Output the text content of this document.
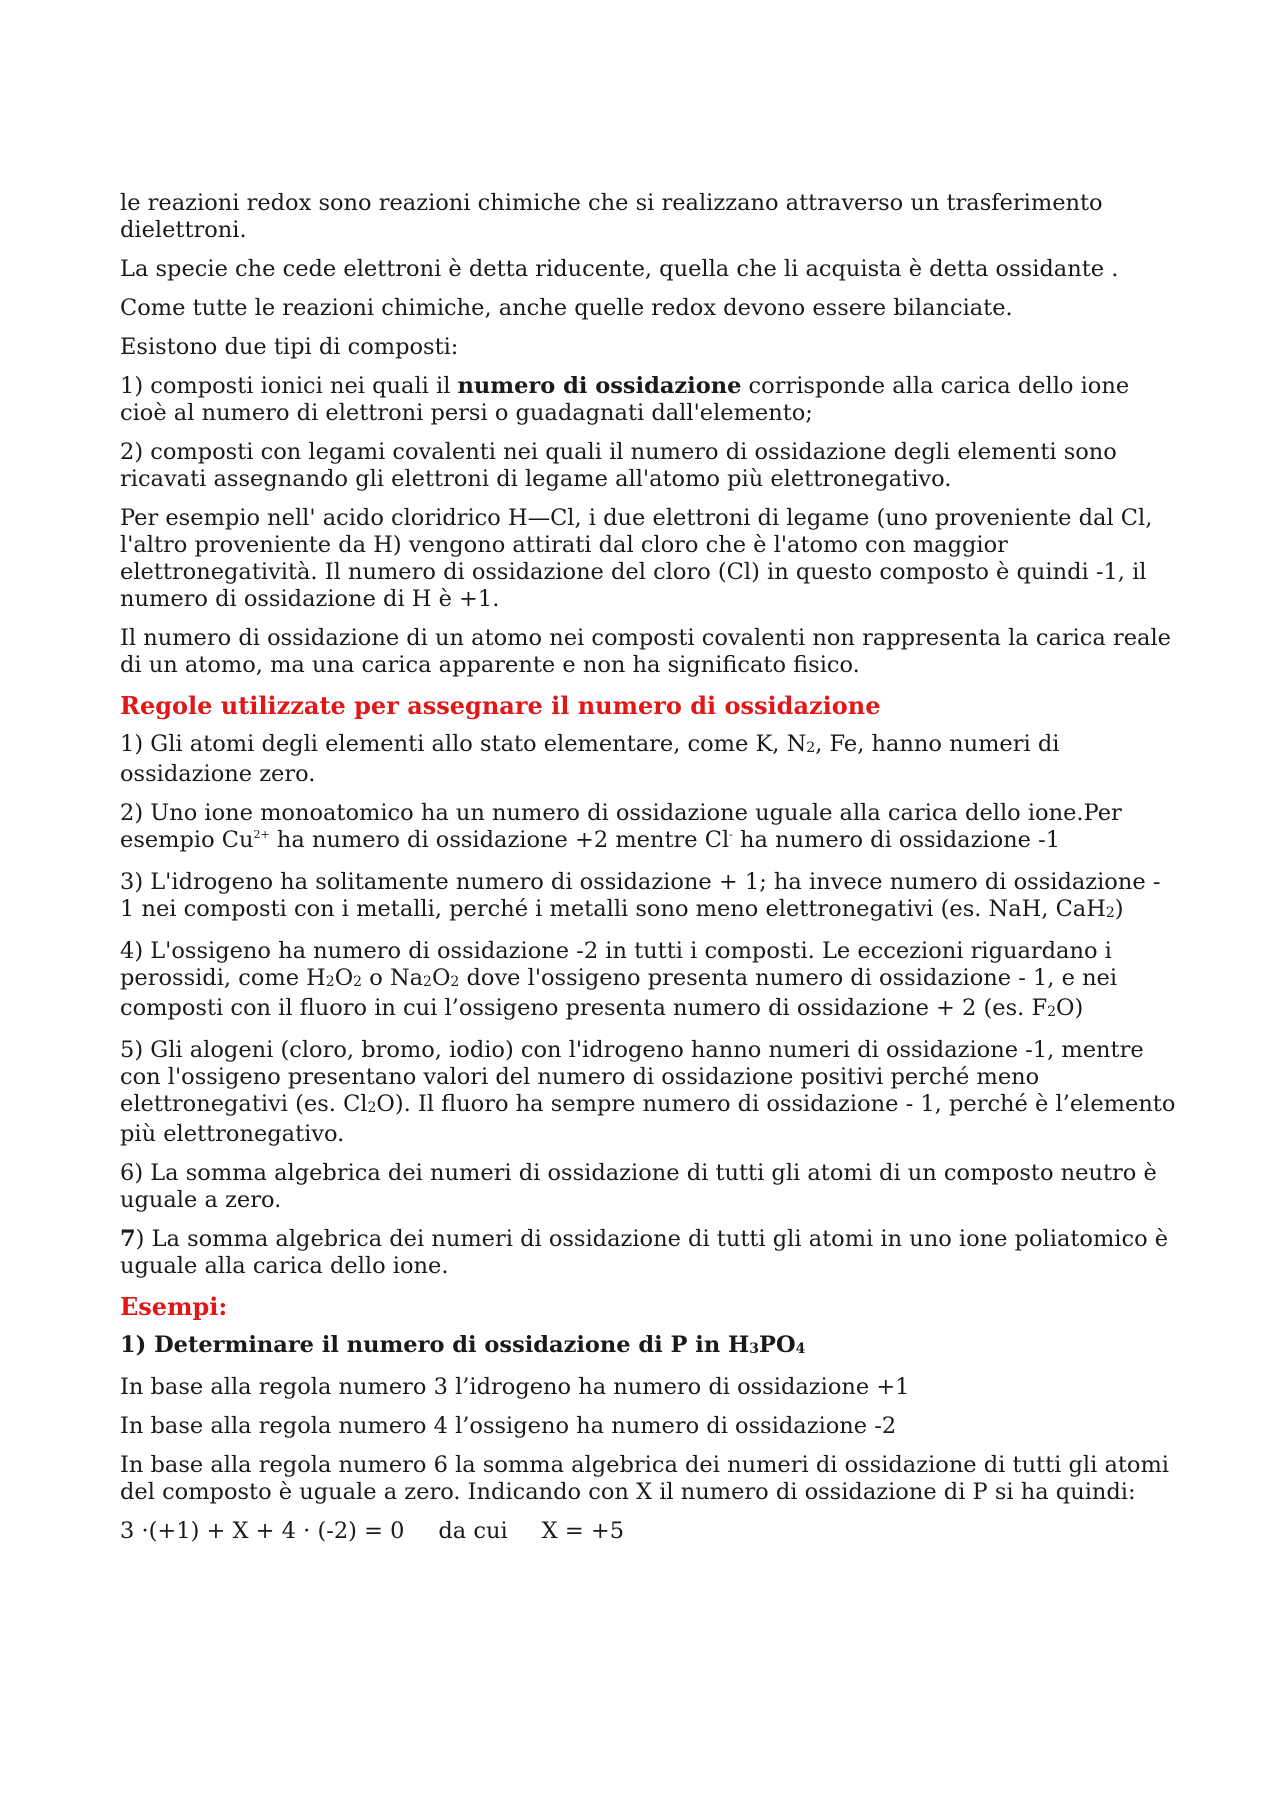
le reazioni redox sono reazioni chimiche che si realizzano attraverso un trasferimento dielettroni.

La specie che cede elettroni è detta riducente, quella che li acquista è detta ossidante .

Come tutte le reazioni chimiche, anche quelle redox devono essere bilanciate.

Esistono due tipi di composti:

1) composti ionici nei quali il numero di ossidazione corrisponde alla carica dello ione cioè al numero di elettroni persi o guadagnati dall'elemento;

2) composti con legami covalenti nei quali il numero di ossidazione degli elementi sono ricavati assegnando gli elettroni di legame all'atomo più elettronegativo.

Per esempio nell' acido cloridrico H—Cl, i due elettroni di legame (uno proveniente dal Cl, l'altro proveniente da H) vengono attirati dal cloro che è l'atomo con maggior elettronegatività. Il numero di ossidazione del cloro (Cl) in questo composto è quindi -1, il numero di ossidazione di H è +1.

Il numero di ossidazione di un atomo nei composti covalenti non rappresenta la carica reale di un atomo, ma una carica apparente e non ha significato fisico.

Regole utilizzate per assegnare il numero di ossidazione

1) Gli atomi degli elementi allo stato elementare, come K, N2, Fe, hanno numeri di ossidazione zero.

2) Uno ione monoatomico ha un numero di ossidazione uguale alla carica dello ione.Per esempio $Cu^{2+}$ ha numero di ossidazione +2 mentre Cl- ha numero di ossidazione -1

3) L'idrogeno ha solitamente numero di ossidazione + 1; ha invece numero di ossidazione - 1 nei composti con i metalli, perché i metalli sono meno elettronegativi (es. NaH, CaH2)

4) L'ossigeno ha numero di ossidazione -2 in tutti i composti. Le eccezioni riguardano i perossidi, come H2O2 o Na2O2 dove l'ossigeno presenta numero di ossidazione - 1, e nei composti con il fluoro in cui l’ossigeno presenta numero di ossidazione + 2 (es. F2O)

5) Gli alogeni (cloro, bromo, iodio) con l'idrogeno hanno numeri di ossidazione -1, mentre con l'ossigeno presentano valori del numero di ossidazione positivi perché meno elettronegativi (es. Cl2O). Il fluoro ha sempre numero di ossidazione - 1, perché è l’elemento più elettronegativo.

6) La somma algebrica dei numeri di ossidazione di tutti gli atomi di un composto neutro è uguale a zero.

7) La somma algebrica dei numeri di ossidazione di tutti gli atomi in uno ione poliatomico è uguale alla carica dello ione.

Esempi:

1) Determinare il numero di ossidazione di P in H3PO4

In base alla regola numero 3 l’idrogeno ha numero di ossidazione +1

In base alla regola numero 4 l’ossigeno ha numero di ossidazione -2

In base alla regola numero 6 la somma algebrica dei numeri di ossidazione di tutti gli atomi del composto è uguale a zero. Indicando con X il numero di ossidazione di P si ha quindi:

3 ·(+1) + X + 4 · (-2) = 0 da cui X = +5
